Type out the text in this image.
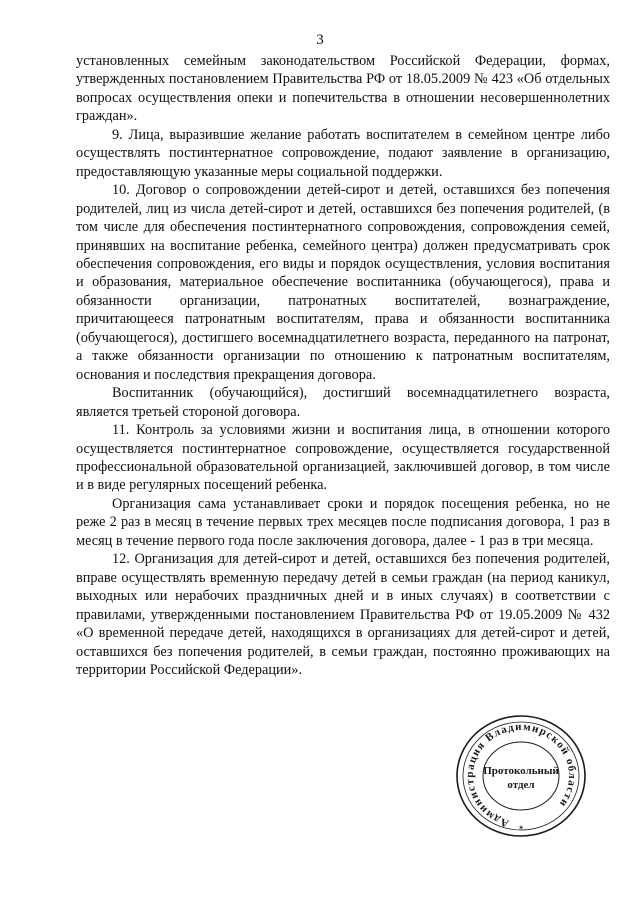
3

установленных семейным законодательством Российской Федерации, формах, утвержденных постановлением Правительства РФ от 18.05.2009 № 423 «Об отдельных вопросах осуществления опеки и попечительства в отношении несовершеннолетних граждан».

9. Лица, выразившие желание работать воспитателем в семейном центре либо осуществлять постинтернатное сопровождение, подают заявление в организацию, предоставляющую указанные меры социальной поддержки.

10. Договор о сопровождении детей-сирот и детей, оставшихся без попечения родителей, лиц из числа детей-сирот и детей, оставшихся без попечения родителей, (в том числе для обеспечения постинтернатного сопровождения, сопровождения семей, принявших на воспитание ребенка, семейного центра) должен предусматривать срок обеспечения сопровождения, его виды и порядок осуществления, условия воспитания и образования, материальное обеспечение воспитанника (обучающегося), права и обязанности организации, патронатных воспитателей, вознаграждение, причитающееся патронатным воспитателям, права и обязанности воспитанника (обучающегося), достигшего восемнадцатилетнего возраста, переданного на патронат, а также обязанности организации по отношению к патронатным воспитателям, основания и последствия прекращения договора.

Воспитанник (обучающийся), достигший восемнадцатилетнего возраста, является третьей стороной договора.

11. Контроль за условиями жизни и воспитания лица, в отношении которого осуществляется постинтернатное сопровождение, осуществляется государственной профессиональной образовательной организацией, заключившей договор, в том числе и в виде регулярных посещений ребенка.

Организация сама устанавливает сроки и порядок посещения ребенка, но не реже 2 раз в месяц в течение первых трех месяцев после подписания договора, 1 раз в месяц в течение первого года после заключения договора, далее - 1 раз в три месяца.

12. Организация для детей-сирот и детей, оставшихся без попечения родителей, вправе осуществлять временную передачу детей в семьи граждан (на период каникул, выходных или нерабочих праздничных дней и в иных случаях) в соответствии с правилами, утвержденными постановлением Правительства РФ от 19.05.2009 № 432 «О временной передаче детей, находящихся в организациях для детей-сирот и детей, оставшихся без попечения родителей, в семьи граждан, постоянно проживающих на территории Российской Федерации».

Администрация Владимирской области
Протокольный
отдел
✶
